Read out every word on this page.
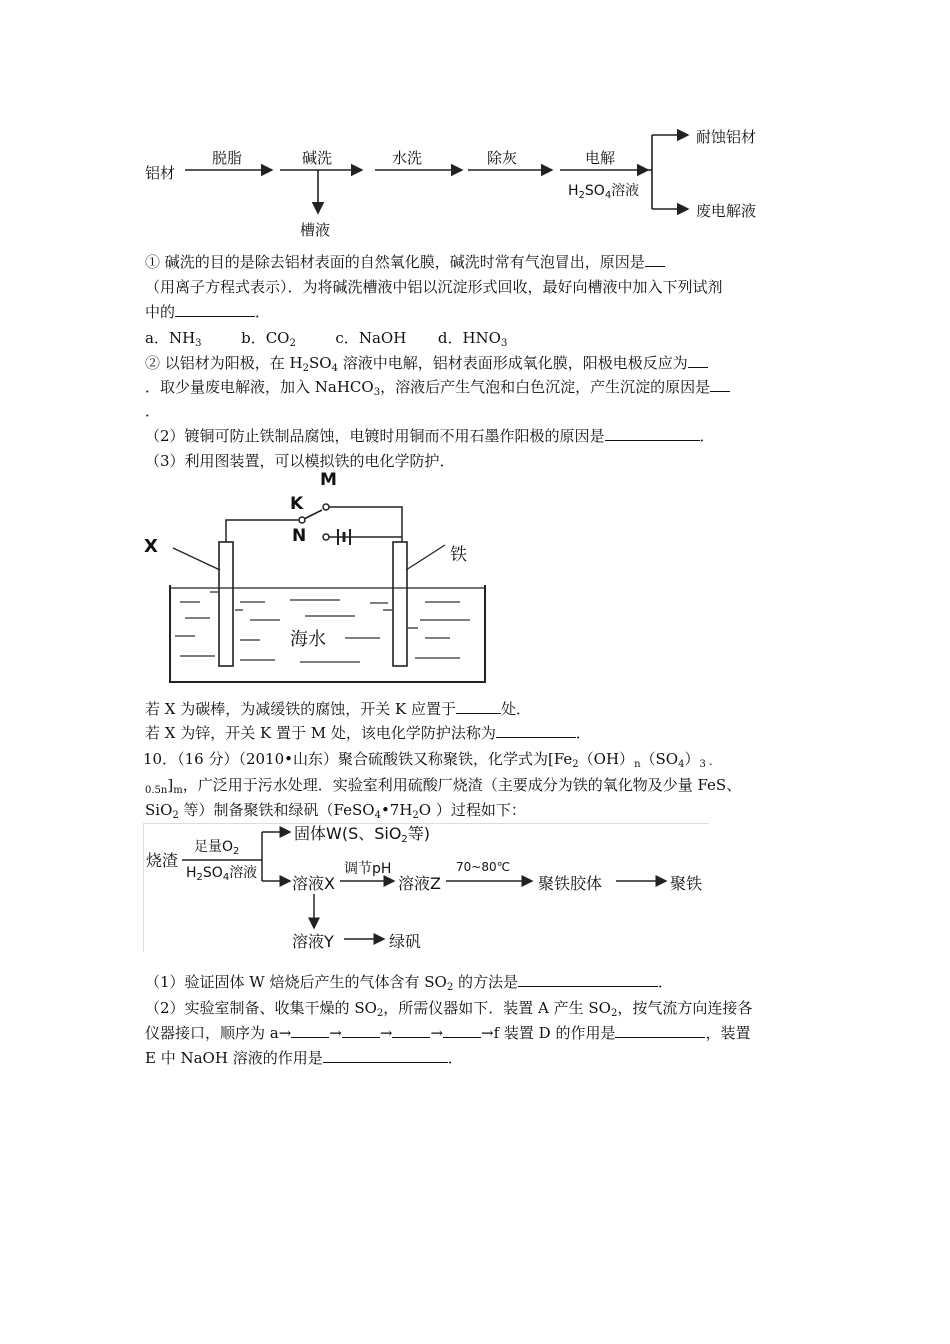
铝材
脱脂	碱洗	水洗	除灰	电解
$H_2SO_4$溶液
槽液
耐蚀铝材
废电解液
① 碱洗的目的是除去铝材表面的自然氧化膜，碱洗时常有气泡冒出，原因是
（用离子方程式表示）．为将碱洗槽液中铝以沉淀形式回收，最好向槽液中加入下列试剂
中的	．
a．$NH_3$	b．$CO_2$	c．NaOH d．$HNO_3$
② 以铝材为阳极，在 $H_2SO_4$ 溶液中电解，铝材表面形成氧化膜，阳极电极反应为
．取少量废电解液，加入 NaHCO$_3$，溶液后产生气泡和白色沉淀，产生沉淀的原因是
．
（2）镀铜可防止铁制品腐蚀，电镀时用铜而不用石墨作阳极的原因是	．
（3）利用图装置，可以模拟铁的电化学防护．
M
K
N
X	铁
海水
若 X 为碳棒，为减缓铁的腐蚀，开关 K 应置于	处．
若 X 为锌，开关 K 置于 M 处，该电化学防护法称为	．
10．（16 分）（2010•山东）聚合硫酸铁又称聚铁，化学式为[$Fe_2(OH)_n(SO_4)_{3 -}$
$_{0.5n}]_m$，广泛用于污水处理．实验室利用硫酸厂烧渣（主要成分为铁的氧化物及少量 FeS、
SiO$_2$ 等）制备聚铁和绿矾（$FeSO_4•7H_2O$ ）过程如下：
烧渣
足量$O_2$
$H_2SO_4$溶液
固体W(S、SiO$_2$等)
溶液X
调节pH
溶液Z
70~80℃
聚铁胶体	聚铁
溶液Y	绿矾
（1）验证固体 W 焙烧后产生的气体含有 $SO_2$ 的方法是	．
（2）实验室制备、收集干燥的 $SO_2$，所需仪器如下．装置 A 产生 $SO_2$，按气流方向连接各
仪器接口，顺序为 a→	→	→	→	→f 装置 D 的作用是	，装置
E 中 NaOH 溶液的作用是	．
